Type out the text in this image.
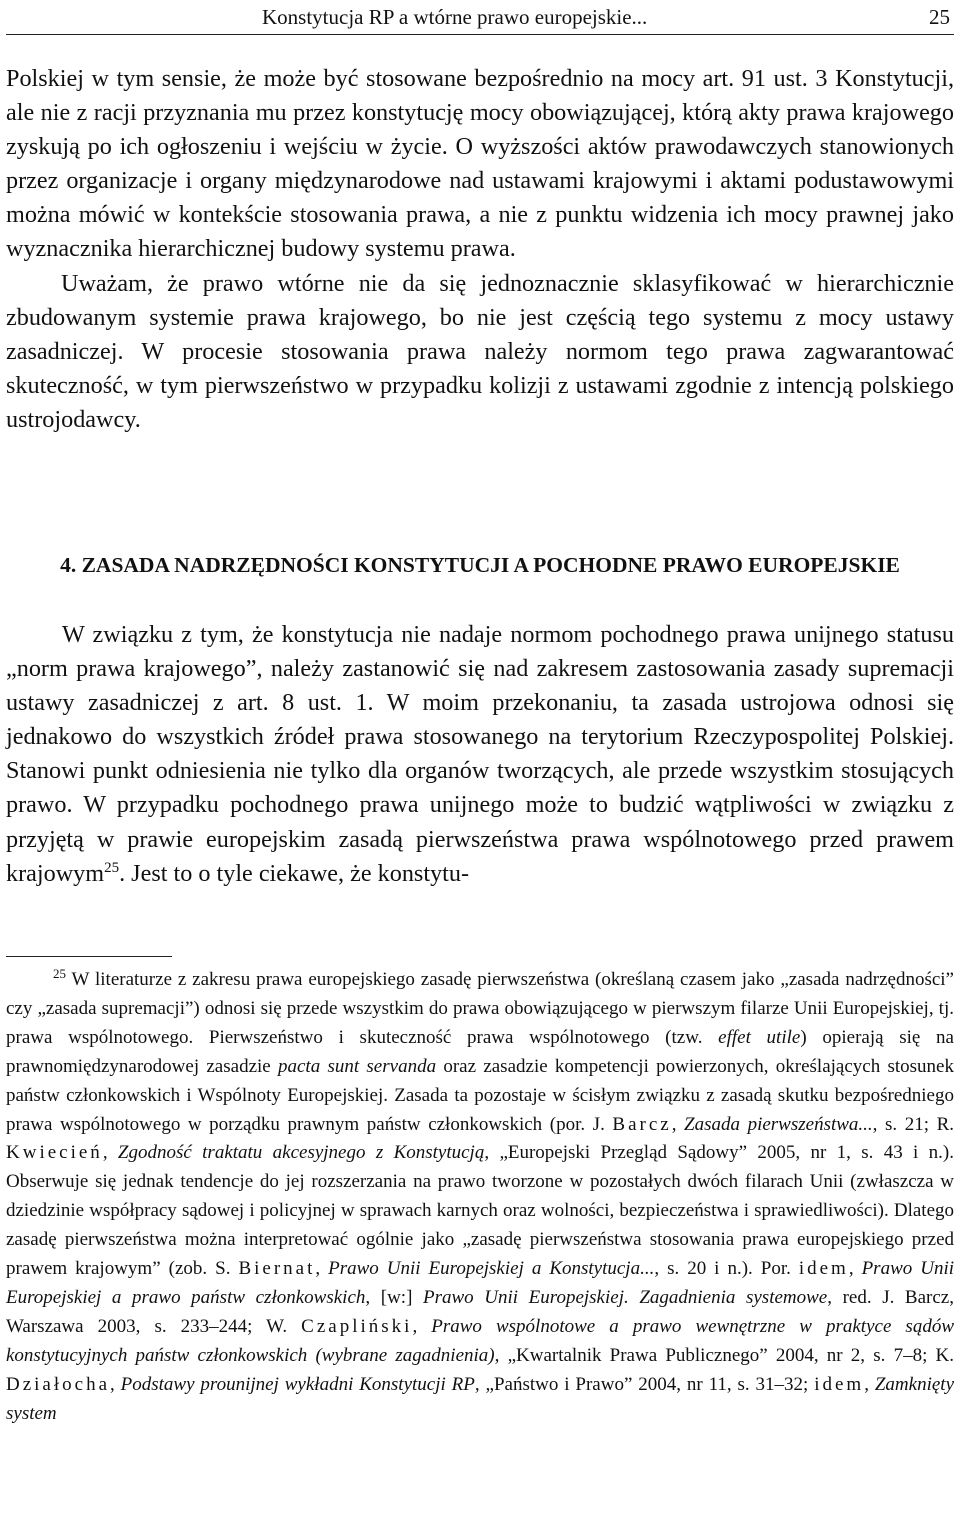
Konstytucja RP a wtórne prawo europejskie...	25

Polskiej w tym sensie, że może być stosowane bezpośrednio na mocy art. 91 ust. 3 Konstytucji, ale nie z racji przyznania mu przez konstytucję mocy obowiązującej, którą akty prawa krajowego zyskują po ich ogłoszeniu i wejściu w życie. O wyższości aktów prawodawczych stanowionych przez organizacje i organy międzynarodowe nad ustawami krajowymi i aktami podustawowymi można mówić w kontekście stosowania prawa, a nie z punktu widzenia ich mocy prawnej jako wyznacznika hierarchicznej budowy systemu prawa.
Uważam, że prawo wtórne nie da się jednoznacznie sklasyfikować w hierarchicznie zbudowanym systemie prawa krajowego, bo nie jest częścią tego systemu z mocy ustawy zasadniczej. W procesie stosowania prawa należy normom tego prawa zagwarantować skuteczność, w tym pierwszeństwo w przypadku kolizji z ustawami zgodnie z intencją polskiego ustrojodawcy.

4. ZASADA NADRZĘDNOŚCI KONSTYTUCJI A POCHODNE PRAWO EUROPEJSKIE

W związku z tym, że konstytucja nie nadaje normom pochodnego prawa unijnego statusu „norm prawa krajowego”, należy zastanowić się nad zakresem zastosowania zasady supremacji ustawy zasadniczej z art. 8 ust. 1. W moim przekonaniu, ta zasada ustrojowa odnosi się jednakowo do wszystkich źródeł prawa stosowanego na terytorium Rzeczypospolitej Polskiej. Stanowi punkt odniesienia nie tylko dla organów tworzących, ale przede wszystkim stosujących prawo. W przypadku pochodnego prawa unijnego może to budzić wątpliwości w związku z przyjętą w prawie europejskim zasadą pierwszeństwa prawa wspólnotowego przed prawem krajowym$^{25}$. Jest to o tyle ciekawe, że konstytu-

$^{25}$ W literaturze z zakresu prawa europejskiego zasadę pierwszeństwa (określaną czasem jako „zasada nadrzędności” czy „zasada supremacji”) odnosi się przede wszystkim do prawa obowiązującego w pierwszym filarze Unii Europejskiej, tj. prawa wspólnotowego. Pierwszeństwo i skuteczność prawa wspólnotowego (tzw. effet utile) opierają się na prawnomiędzynarodowej zasadzie pacta sunt servanda oraz zasadzie kompetencji powierzonych, określających stosunek państw członkowskich i Wspólnoty Europejskiej. Zasada ta pozostaje w ścisłym związku z zasadą skutku bezpośredniego prawa wspólnotowego w porządku prawnym państw członkowskich (por. J. Barcz, Zasada pierwszeństwa..., s. 21; R. Kwiecień, Zgodność traktatu akcesyjnego z Konstytucją, „Europejski Przegląd Sądowy” 2005, nr 1, s. 43 i n.). Obserwuje się jednak tendencje do jej rozszerzania na prawo tworzone w pozostałych dwóch filarach Unii (zwłaszcza w dziedzinie współpracy sądowej i policyjnej w sprawach karnych oraz wolności, bezpieczeństwa i sprawiedliwości). Dlatego zasadę pierwszeństwa można interpretować ogólnie jako „zasadę pierwszeństwa stosowania prawa europejskiego przed prawem krajowym” (zob. S. Biernat, Prawo Unii Europejskiej a Konstytucja..., s. 20 i n.). Por. idem, Prawo Unii Europejskiej a prawo państw członkowskich, [w:] Prawo Unii Europejskiej. Zagadnienia systemowe, red. J. Barcz, Warszawa 2003, s. 233–244; W. Czapliński, Prawo wspólnotowe a prawo wewnętrzne w praktyce sądów konstytucyjnych państw członkowskich (wybrane zagadnienia), „Kwartalnik Prawa Publicznego” 2004, nr 2, s. 7–8; K. Działocha, Podstawy prounijnej wykładni Konstytucji RP, „Państwo i Prawo” 2004, nr 11, s. 31–32; idem, Zamknięty system
